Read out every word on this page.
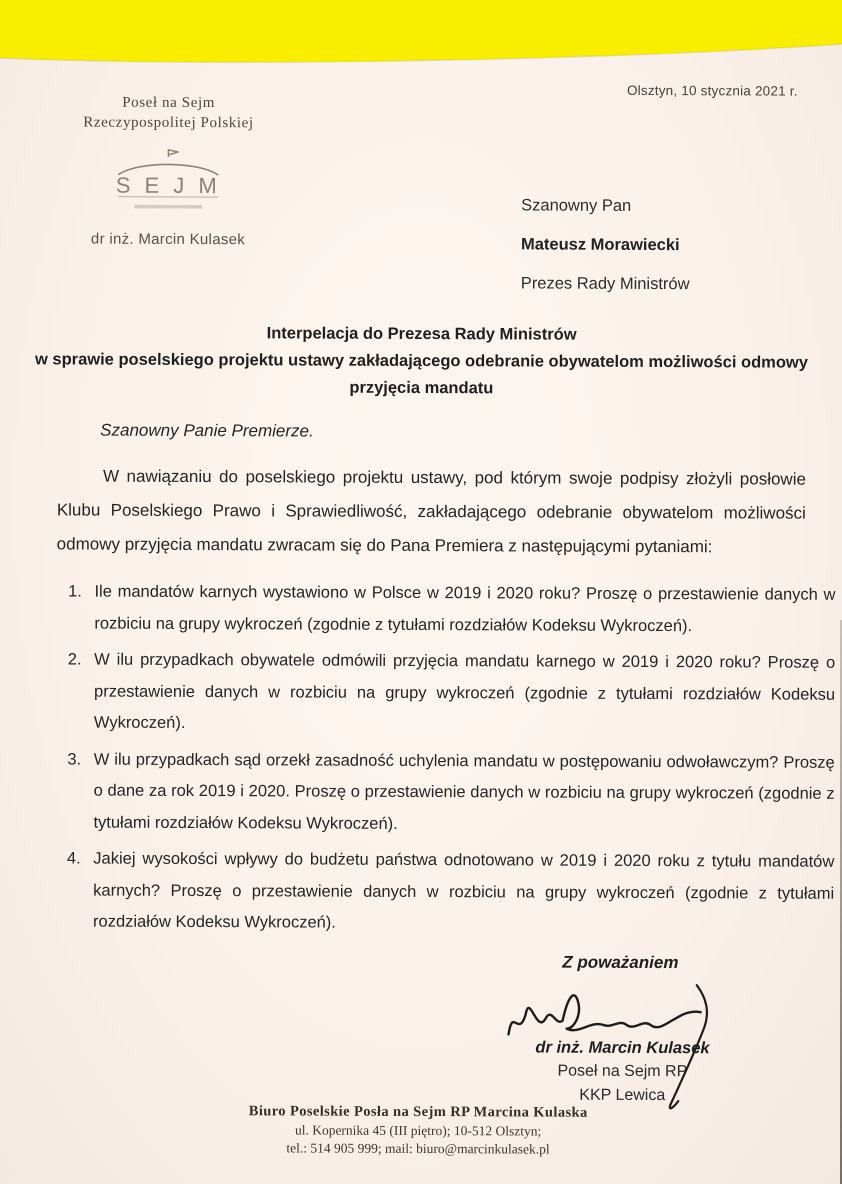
Olsztyn, 10 stycznia 2021 r.
Poseł na Sejm
Rzeczypospolitej Polskiej
S E J M
dr inż. Marcin Kulasek
Szanowny Pan
Mateusz Morawiecki
Prezes Rady Ministrów
Interpelacja do Prezesa Rady Ministrów
w sprawie poselskiego projektu ustawy zakładającego odebranie obywatelom możliwości odmowy
przyjęcia mandatu
Szanowny Panie Premierze.

W nawiązaniu do poselskiego projektu ustawy, pod którym swoje podpisy złożyli posłowie Klubu Poselskiego Prawo i Sprawiedliwość, zakładającego odebranie obywatelom możliwości odmowy przyjęcia mandatu zwracam się do Pana Premiera z następującymi pytaniami:

1. Ile mandatów karnych wystawiono w Polsce w 2019 i 2020 roku? Proszę o przestawienie danych w rozbiciu na grupy wykroczeń (zgodnie z tytułami rozdziałów Kodeksu Wykroczeń).
2. W ilu przypadkach obywatele odmówili przyjęcia mandatu karnego w 2019 i 2020 roku? Proszę o przestawienie danych w rozbiciu na grupy wykroczeń (zgodnie z tytułami rozdziałów Kodeksu Wykroczeń).
3. W ilu przypadkach sąd orzekł zasadność uchylenia mandatu w postępowaniu odwoławczym? Proszę o dane za rok 2019 i 2020. Proszę o przestawienie danych w rozbiciu na grupy wykroczeń (zgodnie z tytułami rozdziałów Kodeksu Wykroczeń).
4. Jakiej wysokości wpływy do budżetu państwa odnotowano w 2019 i 2020 roku z tytułu mandatów karnych? Proszę o przestawienie danych w rozbiciu na grupy wykroczeń (zgodnie z tytułami rozdziałów Kodeksu Wykroczeń).
Z poważaniem
dr inż. Marcin Kulasek
Poseł na Sejm RP
KKP Lewica
Biuro Poselskie Posła na Sejm RP Marcina Kulaska
ul. Kopernika 45 (III piętro); 10-512 Olsztyn;
tel.: 514 905 999; mail: biuro@marcinkulasek.pl
